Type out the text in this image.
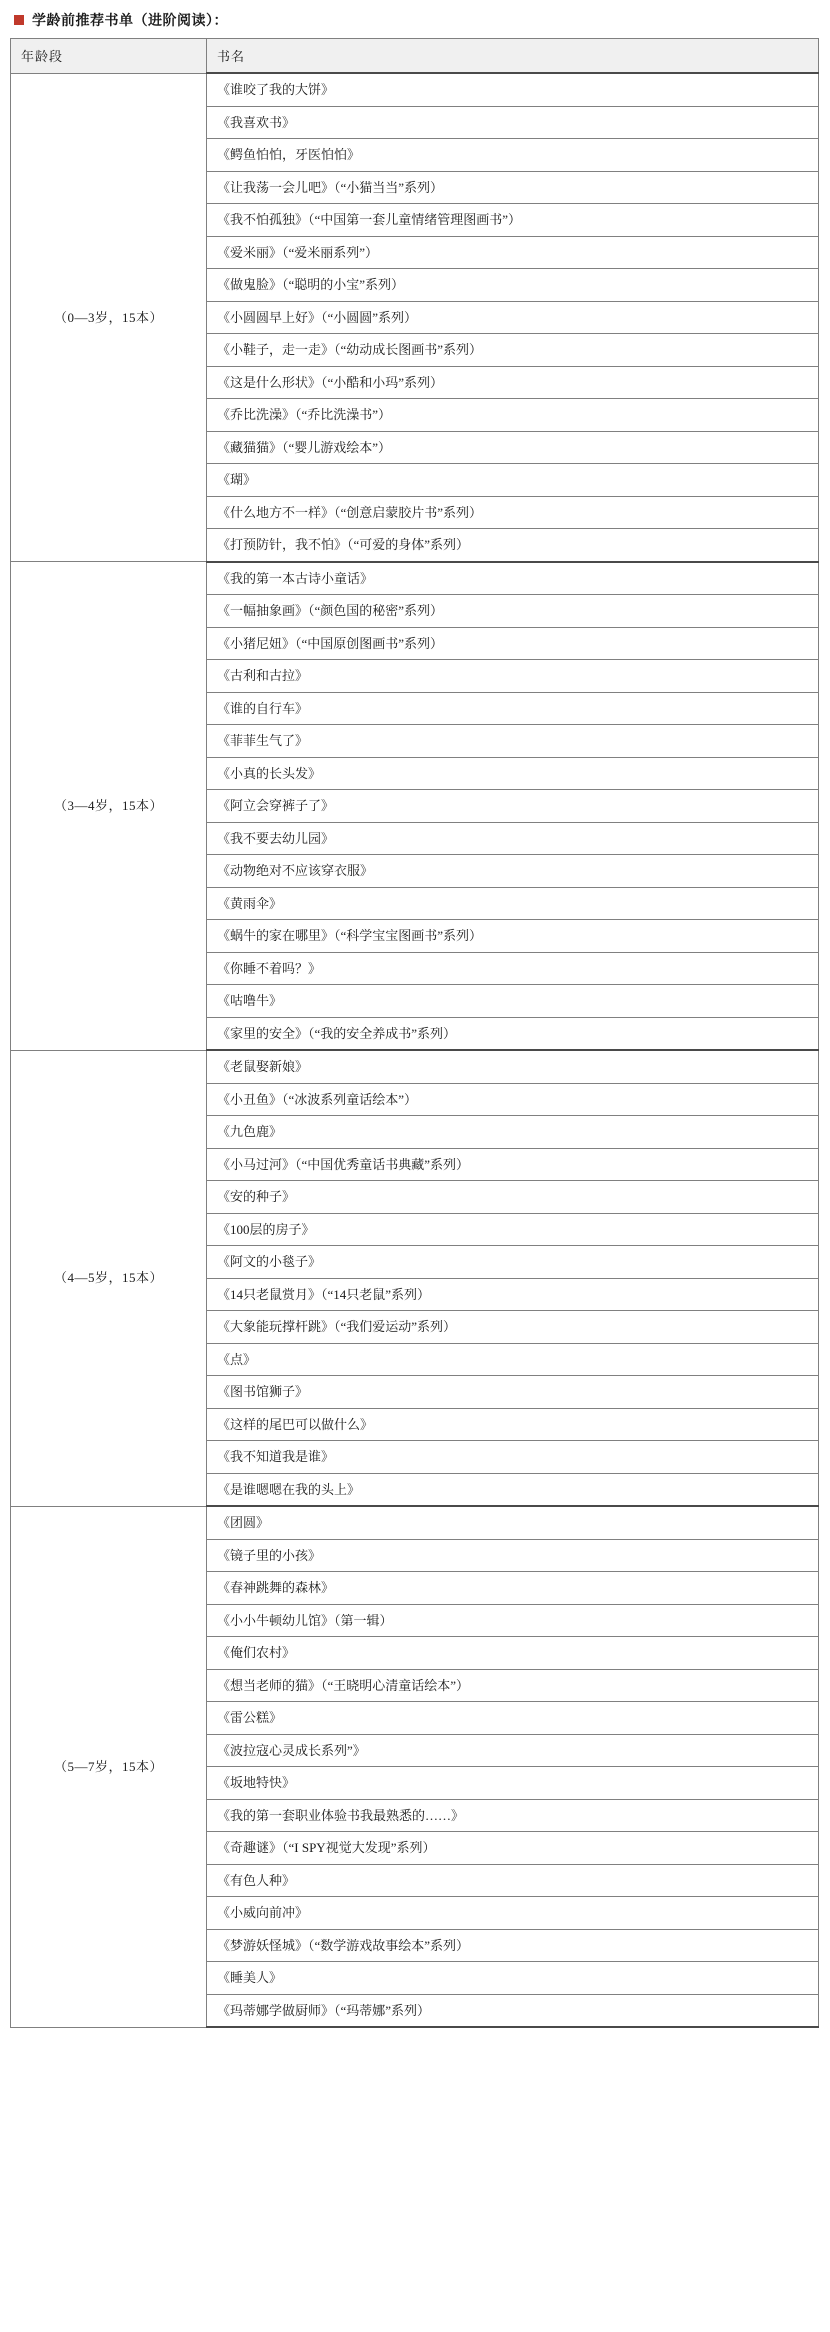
学龄前推荐书单（进阶阅读）：
年龄段	书名
（0—3岁，15本）	《谁咬了我的大饼》
	《我喜欢书》
	《鳄鱼怕怕，牙医怕怕》
	《让我荡一会儿吧》（“小猫当当”系列）
	《我不怕孤独》（“中国第一套儿童情绪管理图画书”）
	《爱米丽》（“爱米丽系列”）
	《做鬼脸》（“聪明的小宝”系列）
	《小圆圆早上好》（“小圆圆”系列）
	《小鞋子，走一走》（“幼动成长图画书”系列）
	《这是什么形状》（“小酷和小玛”系列）
	《乔比洗澡》（“乔比洗澡书”）
	《藏猫猫》（“婴儿游戏绘本”）
	《瑚》
	《什么地方不一样》（“创意启蒙胶片书”系列）
	《打预防针，我不怕》（“可爱的身体”系列）
（3—4岁，15本）	《我的第一本古诗小童话》
	《一幅抽象画》（“颜色国的秘密”系列）
	《小猪尼妞》（“中国原创图画书”系列）
	《古利和古拉》
	《谁的自行车》
	《菲菲生气了》
	《小真的长头发》
	《阿立会穿裤子了》
	《我不要去幼儿园》
	《动物绝对不应该穿衣服》
	《黄雨伞》
	《蜗牛的家在哪里》（“科学宝宝图画书”系列）
	《你睡不着吗？》
	《咕噜牛》
	《家里的安全》（“我的安全养成书”系列）
（4—5岁，15本）	《老鼠娶新娘》
	《小丑鱼》（“冰波系列童话绘本”）
	《九色鹿》
	《小马过河》（“中国优秀童话书典藏”系列）
	《安的种子》
	《100层的房子》
	《阿文的小毯子》
	《14只老鼠赏月》（“14只老鼠”系列）
	《大象能玩撑杆跳》（“我们爱运动”系列）
	《点》
	《图书馆狮子》
	《这样的尾巴可以做什么》
	《我不知道我是谁》
	《是谁嗯嗯在我的头上》
（5—7岁，15本）	《团圆》
	《镜子里的小孩》
	《春神跳舞的森林》
	《小小牛顿幼儿馆》（第一辑）
	《俺们农村》
	《想当老师的猫》（“王晓明心清童话绘本”）
	《雷公糕》
	《波拉寇心灵成长系列”》
	《坂地特快》
	《我的第一套职业体验书我最熟悉的……》
	《奇趣谜》（“I SPY视觉大发现”系列）
	《有色人种》
	《小威向前冲》
	《梦游妖怪城》（“数学游戏故事绘本”系列）
	《睡美人》
	《玛蒂娜学做厨师》（“玛蒂娜”系列）
